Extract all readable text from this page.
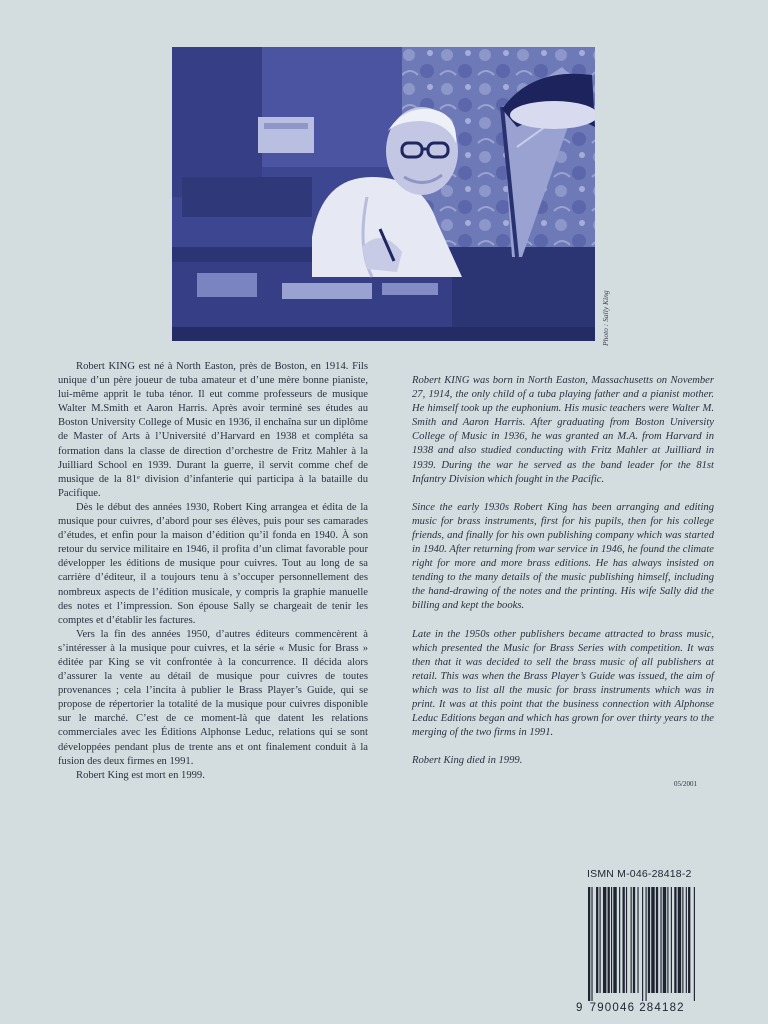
Photo : Sally King

Robert KING est né à North Easton, près de Boston, en 1914. Fils unique d’un père joueur de tuba amateur et d’une mère bonne pianiste, lui-même apprit le tuba ténor. Il eut comme professeurs de musique Walter M.Smith et Aaron Harris. Après avoir terminé ses études au Boston University College of Music en 1936, il enchaîna sur un diplôme de Master of Arts à l’Université d’Harvard en 1938 et compléta sa formation dans la classe de direction d’orchestre de Fritz Mahler à la Juilliard School en 1939. Durant la guerre, il servit comme chef de musique de la 81ᵉ division d’infanterie qui participa à la bataille du Pacifique.

Dès le début des années 1930, Robert King arrangea et édita de la musique pour cuivres, d’abord pour ses élèves, puis pour ses camarades d’études, et enfin pour la maison d’édition qu’il fonda en 1940. À son retour du service militaire en 1946, il profita d’un climat favorable pour développer les éditions de musique pour cuivres. Tout au long de sa carrière d’éditeur, il a toujours tenu à s’occuper personnellement des nombreux aspects de l’édition musicale, y compris la graphie manuelle des notes et l’impression. Son épouse Sally se chargeait de tenir les comptes et d’établir les factures.

Vers la fin des années 1950, d’autres éditeurs commencèrent à s’intéresser à la musique pour cuivres, et la série « Music for Brass » éditée par King se vit confrontée à la concurrence. Il décida alors d’assurer la vente au détail de musique pour cuivres de toutes provenances ; cela l’incita à publier le Brass Player’s Guide, qui se propose de répertorier la totalité de la musique pour cuivres disponible sur le marché. C’est de ce moment-là que datent les relations commerciales avec les Éditions Alphonse Leduc, relations qui se sont développées pendant plus de trente ans et ont finalement conduit à la fusion des deux firmes en 1991.

Robert King est mort en 1999.

Robert KING was born in North Easton, Massachusetts on November 27, 1914, the only child of a tuba playing father and a pianist mother. He himself took up the euphonium. His music teachers were Walter M. Smith and Aaron Harris. After graduating from Boston University College of Music in 1936, he was granted an M.A. from Harvard in 1938 and also studied conducting with Fritz Mahler at Juilliard in 1939. During the war he served as the band leader for the 81st Infantry Division which fought in the Pacific.

Since the early 1930s Robert King has been arranging and editing music for brass instruments, first for his pupils, then for his college friends, and finally for his own publishing company which was started in 1940. After returning from war service in 1946, he found the climate right for more and more brass editions. He has always insisted on tending to the many details of the music publishing himself, including the hand-drawing of the notes and the printing. His wife Sally did the billing and kept the books.

Late in the 1950s other publishers became attracted to brass music, which presented the Music for Brass Series with competition. It was then that it was decided to sell the brass music of all publishers at retail. This was when the Brass Player’s Guide was issued, the aim of which was to list all the music for brass instruments which was in print. It was at this point that the business connection with Alphonse Leduc Editions began and which has grown for over thirty years to the merging of the two firms in 1991.

Robert King died in 1999.

05/2001
ISMN M-046-28418-2
9 790046 284182
